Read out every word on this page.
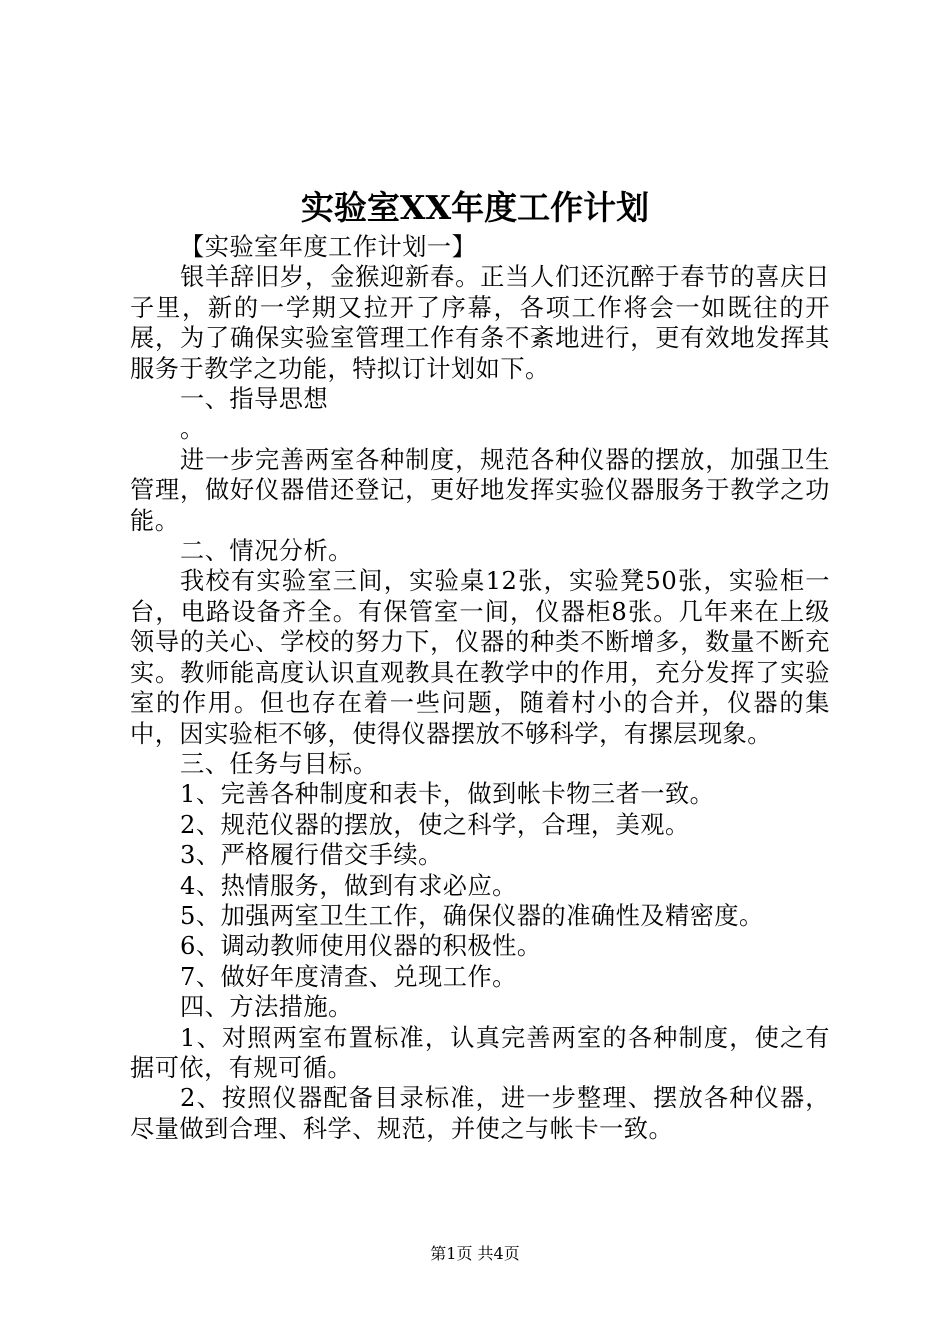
实验室XX年度工作计划

【实验室年度工作计划一】

银羊辞旧岁，金猴迎新春。正当人们还沉醉于春节的喜庆日子里，新的一学期又拉开了序幕，各项工作将会一如既往的开展，为了确保实验室管理工作有条不紊地进行，更有效地发挥其服务于教学之功能，特拟订计划如下。

一、指导思想

。

进一步完善两室各种制度，规范各种仪器的摆放，加强卫生管理，做好仪器借还登记，更好地发挥实验仪器服务于教学之功能。

二、情况分析。

我校有实验室三间，实验桌12张，实验凳50张，实验柜一台，电路设备齐全。有保管室一间，仪器柜8张。几年来在上级领导的关心、学校的努力下，仪器的种类不断增多，数量不断充实。教师能高度认识直观教具在教学中的作用，充分发挥了实验室的作用。但也存在着一些问题，随着村小的合并，仪器的集中，因实验柜不够，使得仪器摆放不够科学，有摞层现象。

三、任务与目标。

1、完善各种制度和表卡，做到帐卡物三者一致。

2、规范仪器的摆放，使之科学，合理，美观。

3、严格履行借交手续。

4、热情服务，做到有求必应。

5、加强两室卫生工作，确保仪器的准确性及精密度。

6、调动教师使用仪器的积极性。

7、做好年度清查、兑现工作。

四、方法措施。

1、对照两室布置标准，认真完善两室的各种制度，使之有据可依，有规可循。

2、按照仪器配备目录标准，进一步整理、摆放各种仪器，尽量做到合理、科学、规范，并使之与帐卡一致。

第1页 共4页
